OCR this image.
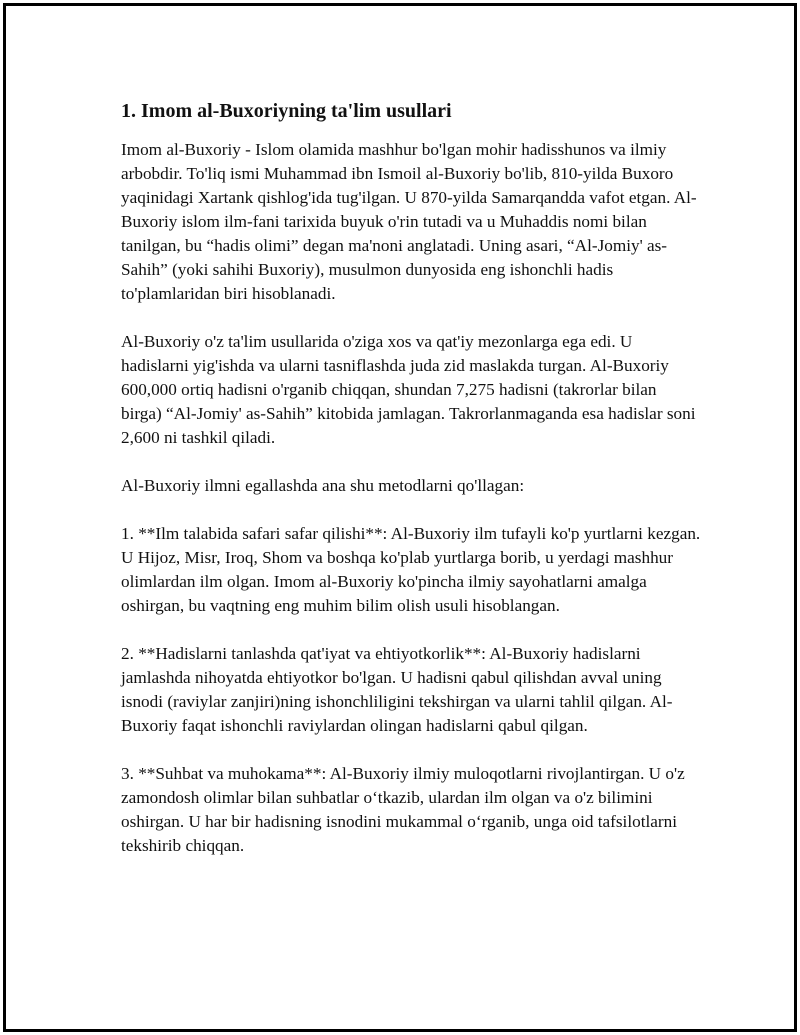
1. Imom al-Buxoriyning ta'lim usullari

Imom al-Buxoriy - Islom olamida mashhur bo'lgan mohir hadisshunos va ilmiy arbobdir. To'liq ismi Muhammad ibn Ismoil al-Buxoriy bo'lib, 810-yilda Buxoro yaqinidagi Xartank qishlog'ida tug'ilgan. U 870-yilda Samarqandda vafot etgan. Al-Buxoriy islom ilm-fani tarixida buyuk o'rin tutadi va u Muhaddis nomi bilan tanilgan, bu “hadis olimi” degan ma'noni anglatadi. Uning asari, “Al-Jomiy' as-Sahih” (yoki sahihi Buxoriy), musulmon dunyosida eng ishonchli hadis to'plamlaridan biri hisoblanadi.

Al-Buxoriy o'z ta'lim usullarida o'ziga xos va qat'iy mezonlarga ega edi. U hadislarni yig'ishda va ularni tasniflashda juda zid maslakda turgan. Al-Buxoriy 600,000 ortiq hadisni o'rganib chiqqan, shundan 7,275 hadisni (takrorlar bilan birga) “Al-Jomiy' as-Sahih” kitobida jamlagan. Takrorlanmaganda esa hadislar soni 2,600 ni tashkil qiladi.

Al-Buxoriy ilmni egallashda ana shu metodlarni qo'llagan:

1. **Ilm talabida safari safar qilishi**: Al-Buxoriy ilm tufayli ko'p yurtlarni kezgan. U Hijoz, Misr, Iroq, Shom va boshqa ko'plab yurtlarga borib, u yerdagi mashhur olimlardan ilm olgan. Imom al-Buxoriy ko'pincha ilmiy sayohatlarni amalga oshirgan, bu vaqtning eng muhim bilim olish usuli hisoblangan.

2. **Hadislarni tanlashda qat'iyat va ehtiyotkorlik**: Al-Buxoriy hadislarni jamlashda nihoyatda ehtiyotkor bo'lgan. U hadisni qabul qilishdan avval uning isnodi (raviylar zanjiri)ning ishonchliligini tekshirgan va ularni tahlil qilgan. Al-Buxoriy faqat ishonchli raviylardan olingan hadislarni qabul qilgan.

3. **Suhbat va muhokama**: Al-Buxoriy ilmiy muloqotlarni rivojlantirgan. U o'z zamondosh olimlar bilan suhbatlar o‘tkazib, ulardan ilm olgan va o'z bilimini oshirgan. U har bir hadisning isnodini mukammal o‘rganib, unga oid tafsilotlarni tekshirib chiqqan.
